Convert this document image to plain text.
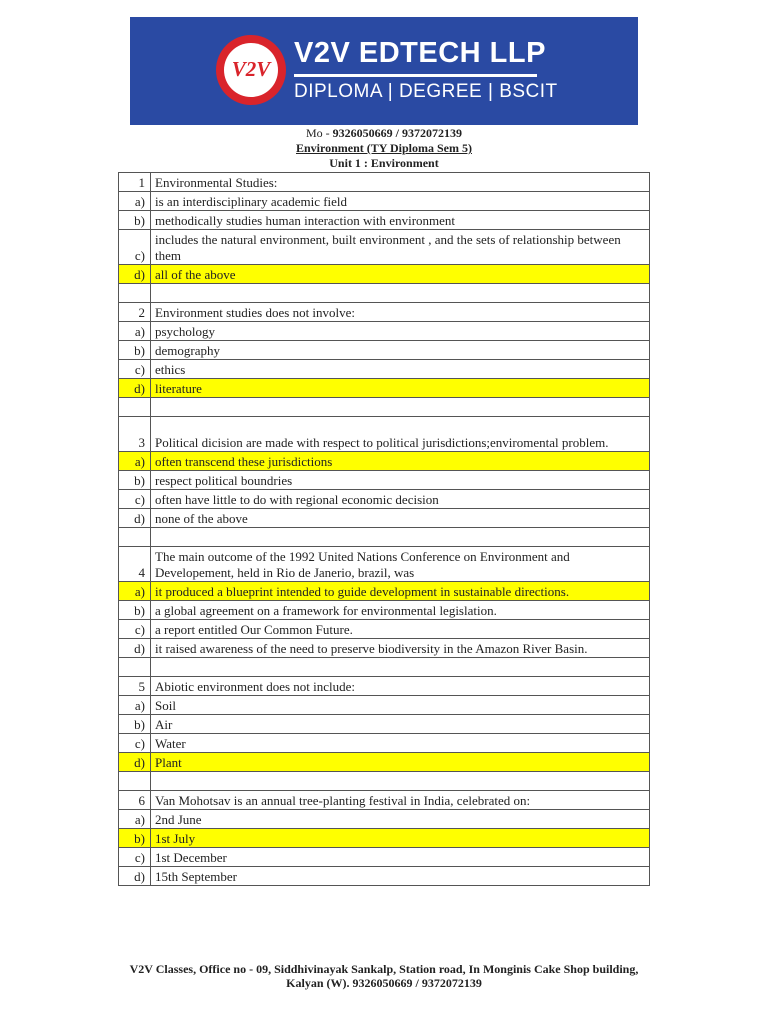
V2V V2V EDTECH LLP
DIPLOMA | DEGREE | BSCIT
Mo - 9326050669 / 9372072139
Environment (TY Diploma Sem 5)
Unit 1 : Environment
1	Environmental Studies:
a)	is an interdisciplinary academic field
b)	methodically studies human interaction with environment
c)	includes the natural environment, built environment , and the sets of relationship between them
d)	all of the above

2	Environment studies does not involve:
a)	psychology
b)	demography
c)	ethics
d)	literature

3	Political dicision are made with respect to political jurisdictions;enviromental problem.
a)	often transcend these jurisdictions
b)	respect political boundries
c)	often have little to do with regional economic decision
d)	none of the above

4	The main outcome of the 1992 United Nations Conference on Environment and Developement, held in Rio de Janerio, brazil, was
a)	it produced a blueprint intended to guide development in sustainable directions.
b)	a global agreement on a framework for environmental legislation.
c)	a report entitled Our Common Future.
d)	it raised awareness of the need to preserve biodiversity in the Amazon River Basin.

5	Abiotic environment does not include:
a)	Soil
b)	Air
c)	Water
d)	Plant

6	Van Mohotsav is an annual tree-planting festival in India, celebrated on:
a)	2nd June
b)	1st July
c)	1st December
d)	15th September
V2V Classes, Office no - 09, Siddhivinayak Sankalp, Station road, In Monginis Cake Shop building,
Kalyan (W). 9326050669 / 9372072139
